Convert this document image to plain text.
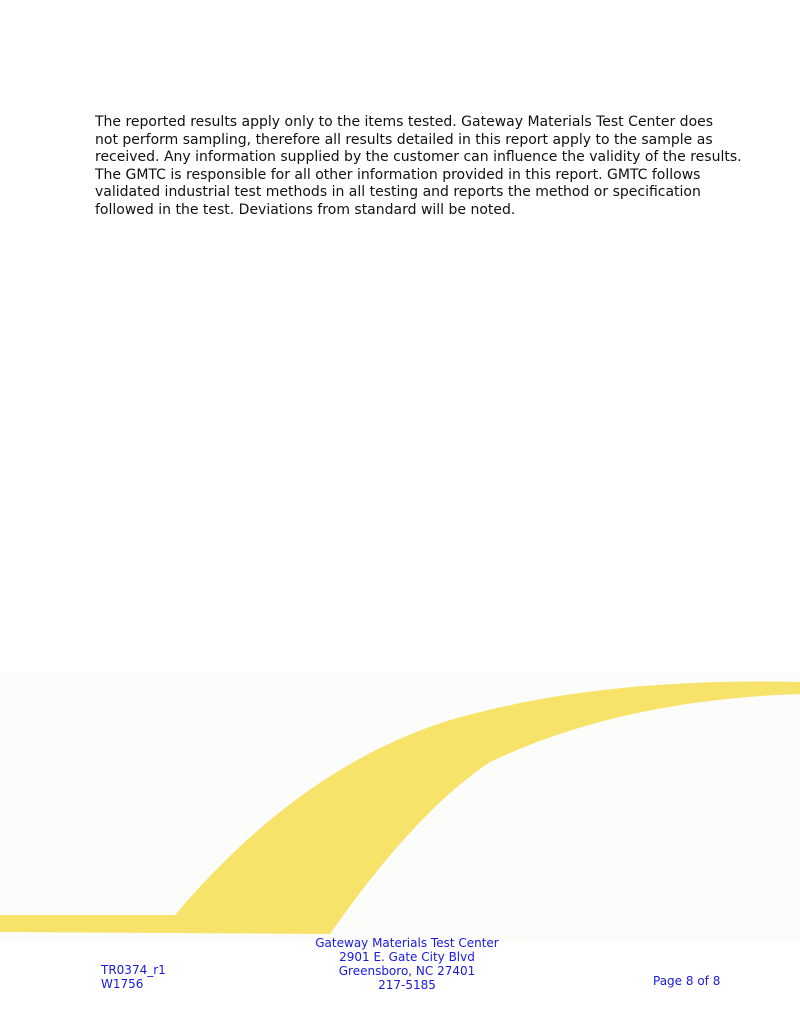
The reported results apply only to the items tested. Gateway Materials Test Center does
not perform sampling, therefore all results detailed in this report apply to the sample as
received. Any information supplied by the customer can influence the validity of the results.
The GMTC is responsible for all other information provided in this report. GMTC follows
validated industrial test methods in all testing and reports the method or specification
followed in the test. Deviations from standard will be noted.

TR0374_r1
W1756
Gateway Materials Test Center
2901 E. Gate City Blvd
Greensboro, NC 27401
217-5185	Page 8 of 8
